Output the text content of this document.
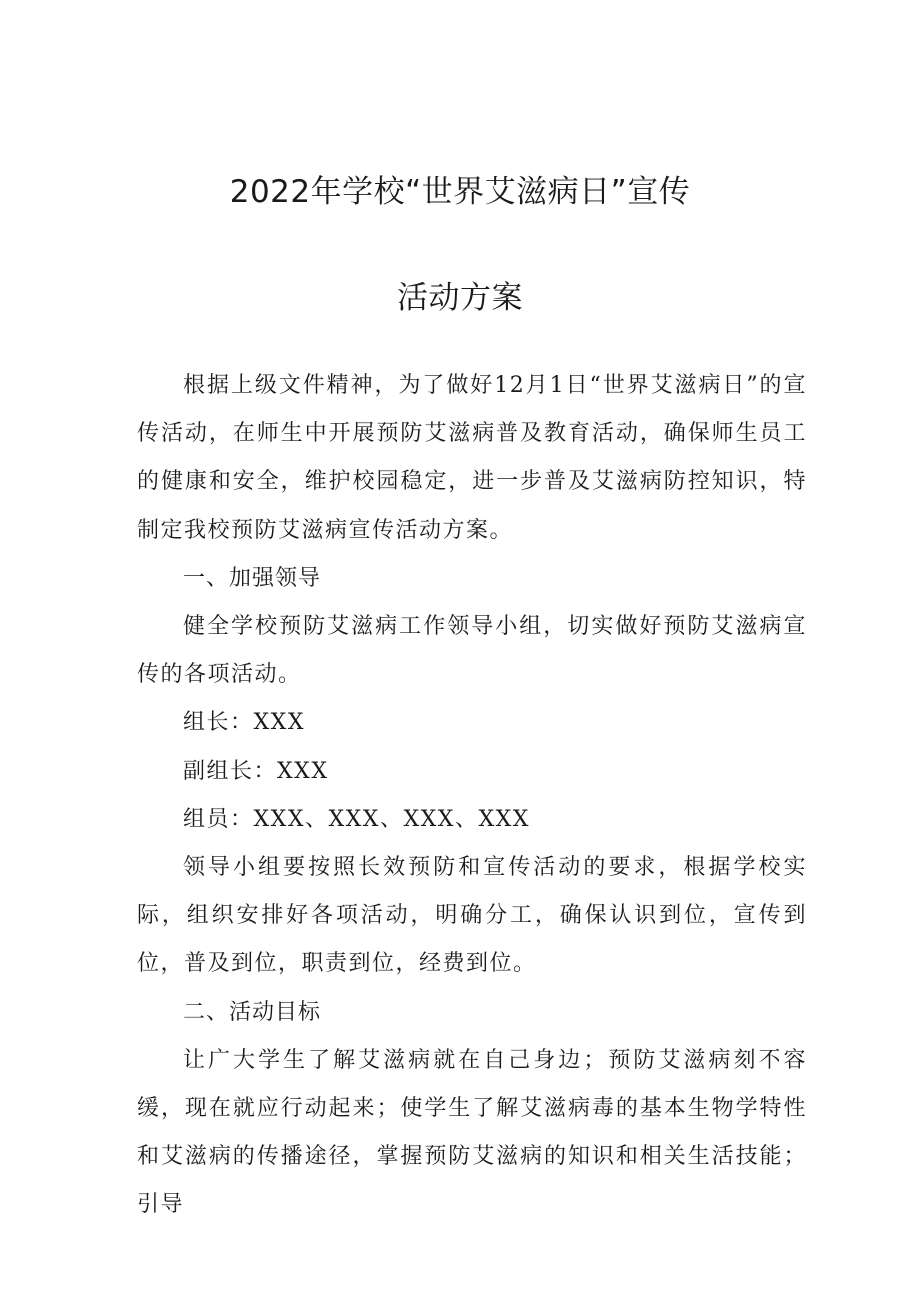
2022年学校“世界艾滋病日”宣传
活动方案

根据上级文件精神，为了做好12月1日“世界艾滋病日”的宣传活动，在师生中开展预防艾滋病普及教育活动，确保师生员工的健康和安全，维护校园稳定，进一步普及艾滋病防控知识，特制定我校预防艾滋病宣传活动方案。

一、加强领导

健全学校预防艾滋病工作领导小组，切实做好预防艾滋病宣传的各项活动。

组长：XXX

副组长：XXX

组员：XXX、XXX、XXX、XXX

领导小组要按照长效预防和宣传活动的要求，根据学校实际，组织安排好各项活动，明确分工，确保认识到位，宣传到位，普及到位，职责到位，经费到位。

二、活动目标

让广大学生了解艾滋病就在自己身边；预防艾滋病刻不容缓，现在就应行动起来；使学生了解艾滋病毒的基本生物学特性和艾滋病的传播途径，掌握预防艾滋病的知识和相关生活技能；引导
